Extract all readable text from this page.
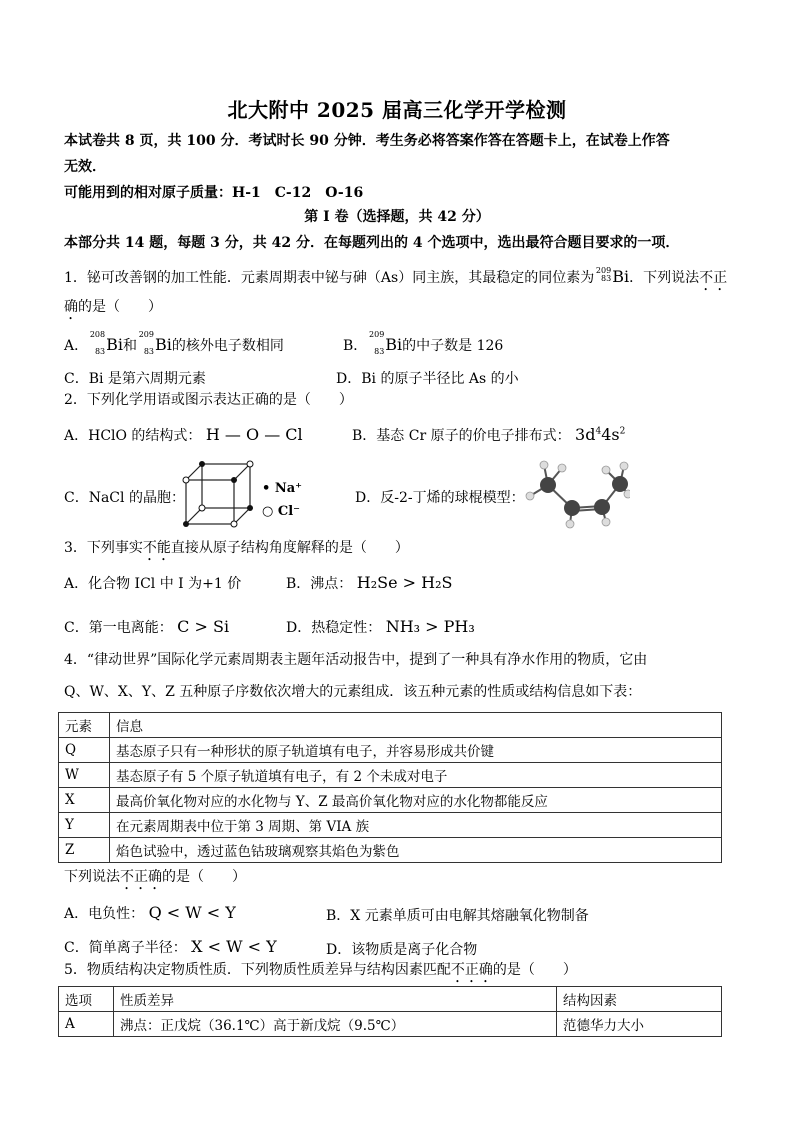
北大附中 2025 届高三化学开学检测
本试卷共 8 页，共 100 分．考试时长 90 分钟．考生务必将答案作答在答题卡上，在试卷上作答
无效．
可能用到的相对原子质量：H-1　C-12　O-16
第 I 卷（选择题，共 42 分）
本部分共 14 题，每题 3 分，共 42 分．在每题列出的 4 个选项中，选出最符合题目要求的一项．
1．铋可改善钢的加工性能．元素周期表中铋与砷（As）同主族，其最稳定的同位素为 209
83 Bi．下列说法不正
确的是（　　）
A．
208
83 Bi和
209
83 Bi的核外电子数相同	B．
209
83 Bi的中子数是 126
C．Bi 是第六周期元素	D．Bi 的原子半径比 As 的小
2．下列化学用语或图示表达正确的是（　　）
A．HClO 的结构式： H — O — Cl	B．基态 Cr 原子的价电子排布式： $3d^44s^2$
C．NaCl 的晶胞：
• Na⁺
○ Cl⁻
D．反-2-丁烯的球棍模型：
3．下列事实不能直接从原子结构角度解释的是（　　）
A．化合物 ICl 中 I 为+1 价	B．沸点： H₂Se > H₂S
C．第一电离能： C > Si	D．热稳定性： NH₃ > PH₃
4．“律动世界”国际化学元素周期表主题年活动报告中，提到了一种具有净水作用的物质，它由
Q、W、X、Y、Z 五种原子序数依次增大的元素组成．该五种元素的性质或结构信息如下表：
元素	信息
Q	基态原子只有一种形状的原子轨道填有电子，并容易形成共价键
W	基态原子有 5 个原子轨道填有电子，有 2 个未成对电子
X	最高价氧化物对应的水化物与 Y、Z 最高价氧化物对应的水化物都能反应
Y	在元素周期表中位于第 3 周期、第 VIA 族
Z	焰色试验中，透过蓝色钴玻璃观察其焰色为紫色
下列说法不正确的是（　　）
A．电负性： Q < W < Y	B．X 元素单质可由电解其熔融氧化物制备
C．简单离子半径： X < W < Y	D．该物质是离子化合物
5．物质结构决定物质性质．下列物质性质差异与结构因素匹配不正确的是（　　）
选项	性质差异	结构因素
A	沸点：正戊烷（36.1℃）高于新戊烷（9.5℃）	范德华力大小
